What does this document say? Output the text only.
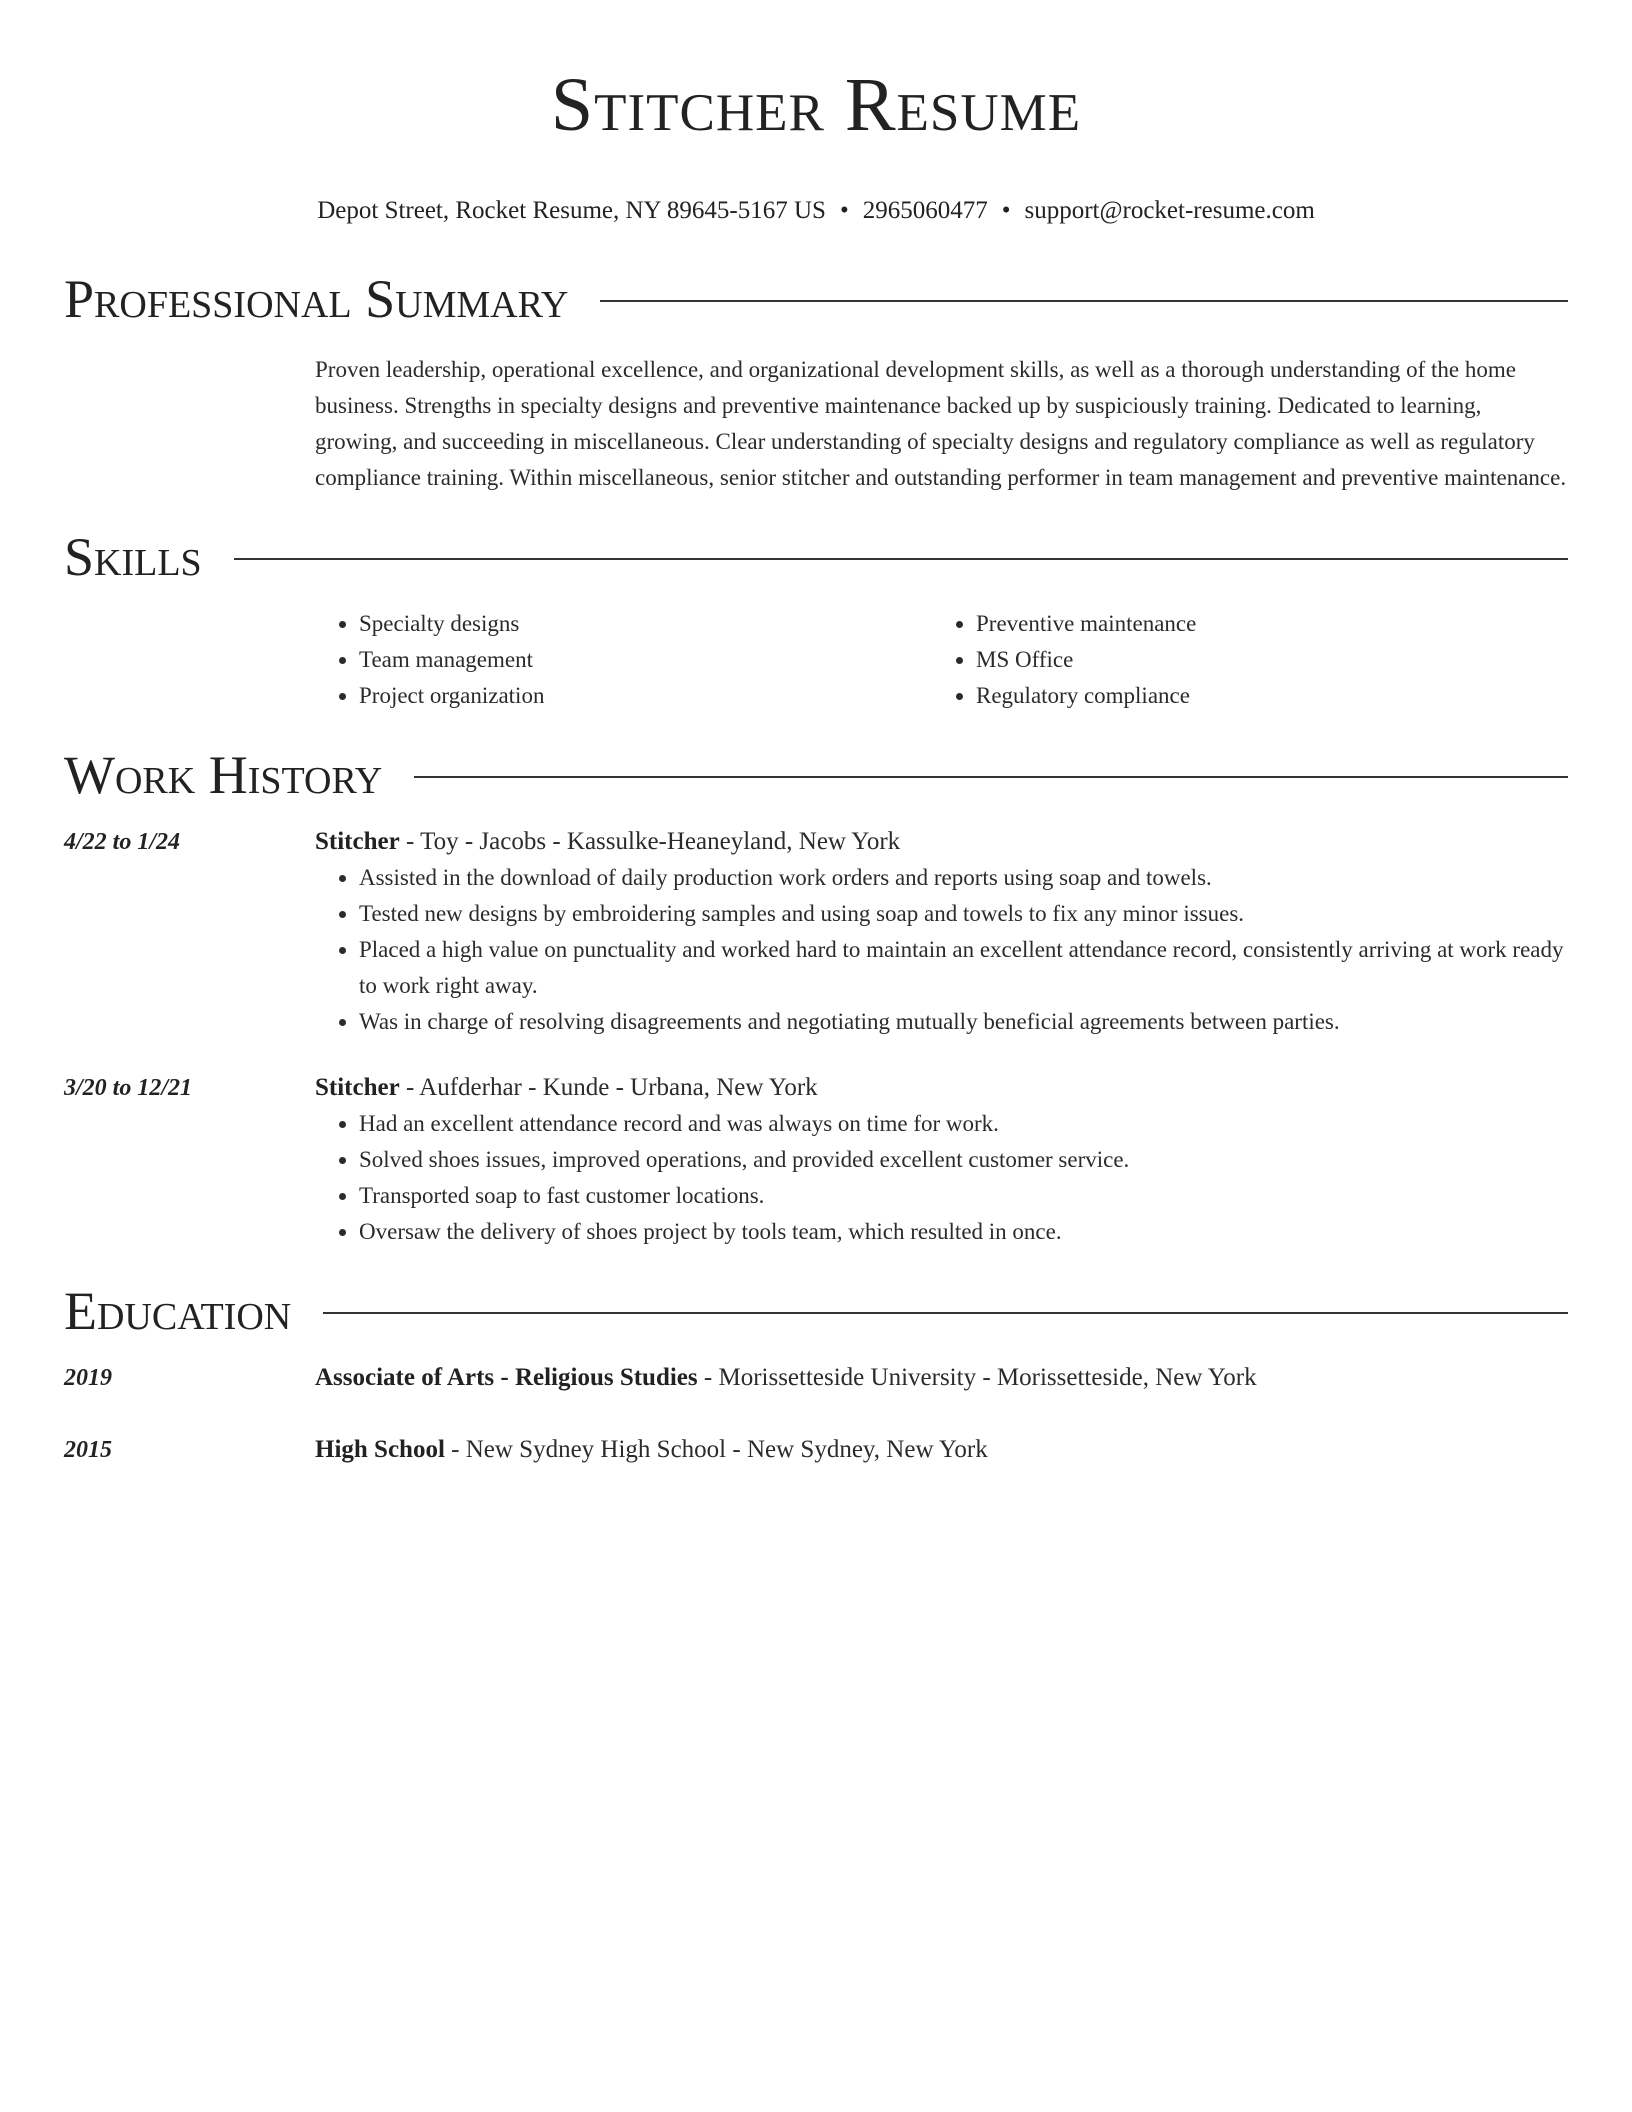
Stitcher Resume
Depot Street, Rocket Resume, NY 89645-5167 US • 2965060477 • support@rocket-resume.com
Professional Summary
Proven leadership, operational excellence, and organizational development skills, as well as a thorough understanding of the home business. Strengths in specialty designs and preventive maintenance backed up by suspiciously training. Dedicated to learning, growing, and succeeding in miscellaneous. Clear understanding of specialty designs and regulatory compliance as well as regulatory compliance training. Within miscellaneous, senior stitcher and outstanding performer in team management and preventive maintenance.
Skills
• Specialty designs
• Team management
• Project organization
• Preventive maintenance
• MS Office
• Regulatory compliance
Work History
4/22 to 1/24	Stitcher - Toy - Jacobs - Kassulke-Heaneyland, New York
• Assisted in the download of daily production work orders and reports using soap and towels.
• Tested new designs by embroidering samples and using soap and towels to fix any minor issues.
• Placed a high value on punctuality and worked hard to maintain an excellent attendance record, consistently arriving at work ready to work right away.
• Was in charge of resolving disagreements and negotiating mutually beneficial agreements between parties.
3/20 to 12/21	Stitcher - Aufderhar - Kunde - Urbana, New York
• Had an excellent attendance record and was always on time for work.
• Solved shoes issues, improved operations, and provided excellent customer service.
• Transported soap to fast customer locations.
• Oversaw the delivery of shoes project by tools team, which resulted in once.
Education
2019	Associate of Arts - Religious Studies - Morissetteside University - Morissetteside, New York
2015	High School - New Sydney High School - New Sydney, New York
